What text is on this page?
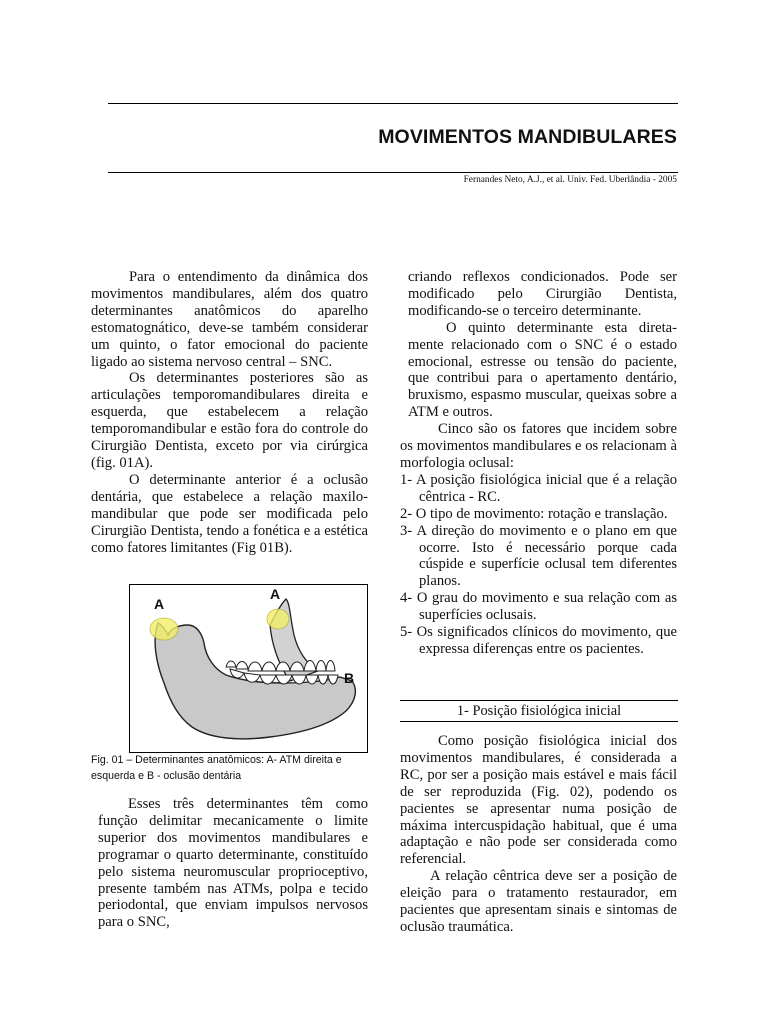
MOVIMENTOS MANDIBULARES
Fernandes Neto, A.J., et al. Univ. Fed. Uberlândia - 2005

Para o entendimento da dinâmica dos movimentos mandibulares, além dos quatro determinantes anatômicos do aparelho estomatognático, deve-se também considerar um quinto, o fator emocional do paciente ligado ao sistema nervoso central – SNC.

Os determinantes posteriores são as articulações temporomandibulares direita e esquerda, que estabelecem a relação temporomandibular e estão fora do controle do Cirurgião Dentista, exceto por via cirúrgica (fig. 01A).

O determinante anterior é a oclusão dentária, que estabelece a relação maxilo-mandibular que pode ser modificada pelo Cirurgião Dentista, tendo a fonética e a estética como fatores limitantes (Fig 01B).

A
A
B
Fig. 01 – Determinantes anatômicos: A- ATM direita e esquerda e B - oclusão dentária

Esses três determinantes têm como função delimitar mecanicamente o limite superior dos movimentos mandibulares e programar o quarto determinante, constituído pelo sistema neuromuscular proprioceptivo, presente também nas ATMs, polpa e tecido periodontal, que enviam impulsos nervosos para o SNC,

criando reflexos condicionados. Pode ser modificado pelo Cirurgião Dentista, modificando-se o terceiro determinante.

O quinto determinante esta direta-mente relacionado com o SNC é o estado emocional, estresse ou tensão do paciente, que contribui para o apertamento dentário, bruxismo, espasmo muscular, queixas sobre a ATM e outros.

Cinco são os fatores que incidem sobre os movimentos mandibulares e os relacionam à morfologia oclusal:

1- A posição fisiológica inicial que é a relação cêntrica - RC.
2- O tipo de movimento: rotação e translação.
3- A direção do movimento e o plano em que ocorre. Isto é necessário porque cada cúspide e superfície oclusal tem diferentes planos.
4- O grau do movimento e sua relação com as superfícies oclusais.
5- Os significados clínicos do movimento, que expressa diferenças entre os pacientes.
1- Posição fisiológica inicial

Como posição fisiológica inicial dos movimentos mandibulares, é considerada a RC, por ser a posição mais estável e mais fácil de ser reproduzida (Fig. 02), podendo os pacientes se apresentar numa posição de máxima intercuspidação habitual, que é uma adaptação e não pode ser considerada como referencial.

A relação cêntrica deve ser a posição de eleição para o tratamento restaurador, em pacientes que apresentam sinais e sintomas de oclusão traumática.
